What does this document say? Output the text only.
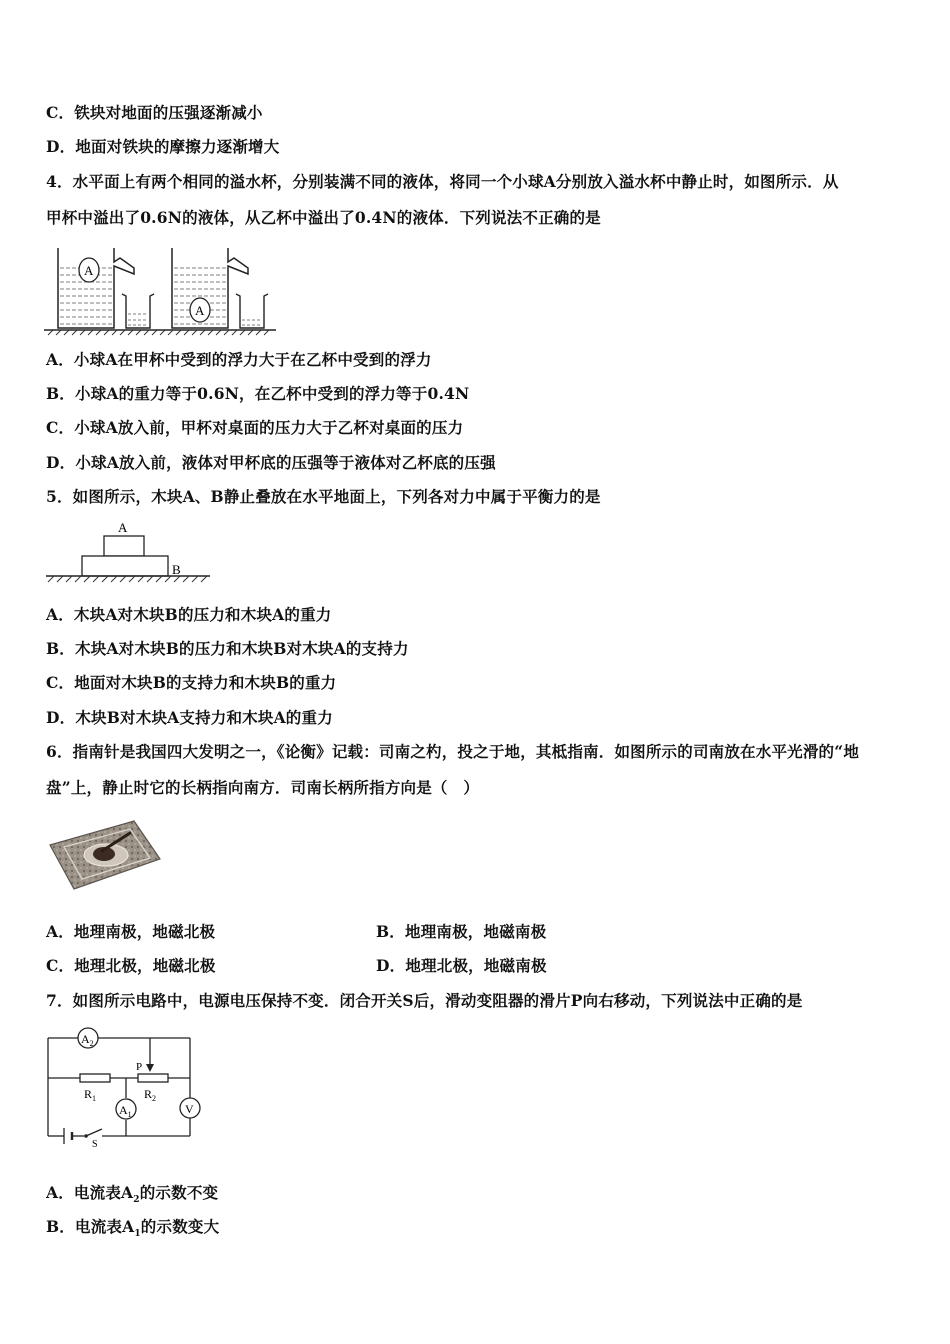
C．铁块对地面的压强逐渐减小
D．地面对铁块的摩擦力逐渐增大
4．水平面上有两个相同的溢水杯，分别装满不同的液体，将同一个小球A分别放入溢水杯中静止时，如图所示．从
甲杯中溢出了0.6N的液体，从乙杯中溢出了0.4N的液体．下列说法不正确的是
A
A
A．小球A在甲杯中受到的浮力大于在乙杯中受到的浮力
B．小球A的重力等于0.6N，在乙杯中受到的浮力等于0.4N
C．小球A放入前，甲杯对桌面的压力大于乙杯对桌面的压力
D．小球A放入前，液体对甲杯底的压强等于液体对乙杯底的压强
5．如图所示，木块A、B静止叠放在水平地面上，下列各对力中属于平衡力的是
A
B
A．木块A对木块B的压力和木块A的重力
B．木块A对木块B的压力和木块B对木块A的支持力
C．地面对木块B的支持力和木块B的重力
D．木块B对木块A支持力和木块A的重力
6．指南针是我国四大发明之一，《论衡》记载：司南之杓，投之于地，其柢指南．如图所示的司南放在水平光滑的“地
盘”上，静止时它的长柄指向南方．司南长柄所指方向是（　）
A．地理南极，地磁北极	B．地理南极，地磁南极
C．地理北极，地磁北极	D．地理北极，地磁南极
7．如图所示电路中，电源电压保持不变．闭合开关S后，滑动变阻器的滑片P向右移动，下列说法中正确的是
P
$A_2$
$R_1$	$R_2$
$A_1$	V
S
A．电流表$A_2$的示数不变
B．电流表$A_1$的示数变大
